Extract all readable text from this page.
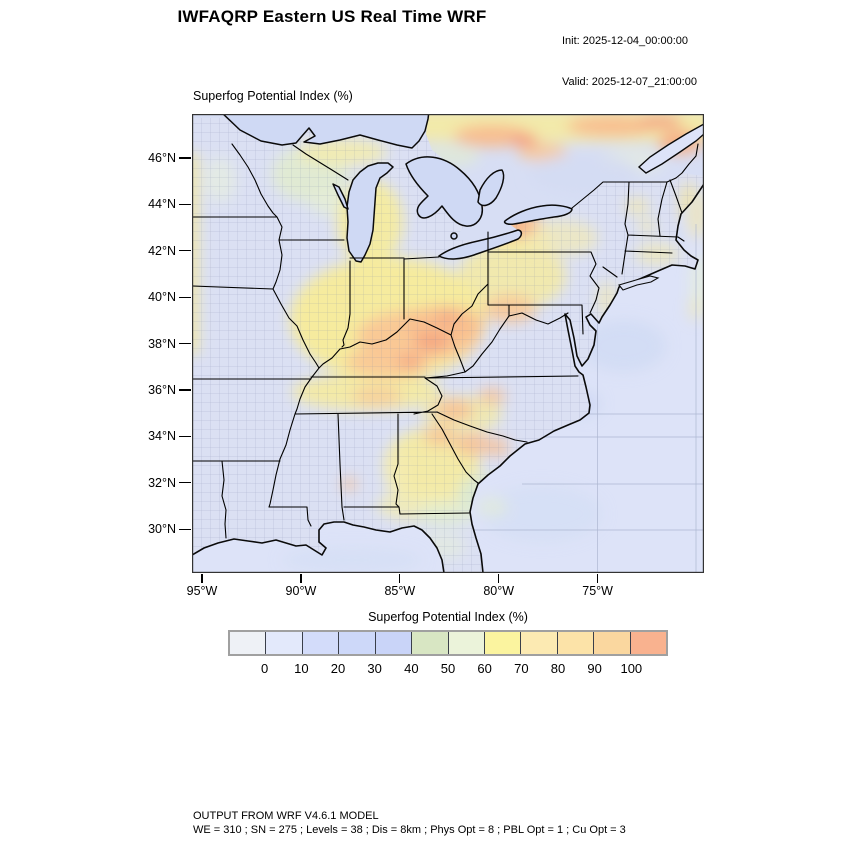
IWFAQRP Eastern US Real Time WRF

Init: 2025-12-04_00:00:00

Valid: 2025-12-07_21:00:00

Superfog Potential Index (%)
Superfog Potential Index (%)
OUTPUT FROM WRF V4.6.1 MODEL
WE = 310 ; SN = 275 ; Levels = 38 ; Dis = 8km ; Phys Opt = 8 ; PBL Opt = 1 ; Cu Opt = 3
46°N
44°N
42°N
40°N
38°N
36°N
34°N
32°N
30°N
95°W	90°W	85°W	80°W	75°W
0 10 20 30 40 50 60 70 80 90 100
